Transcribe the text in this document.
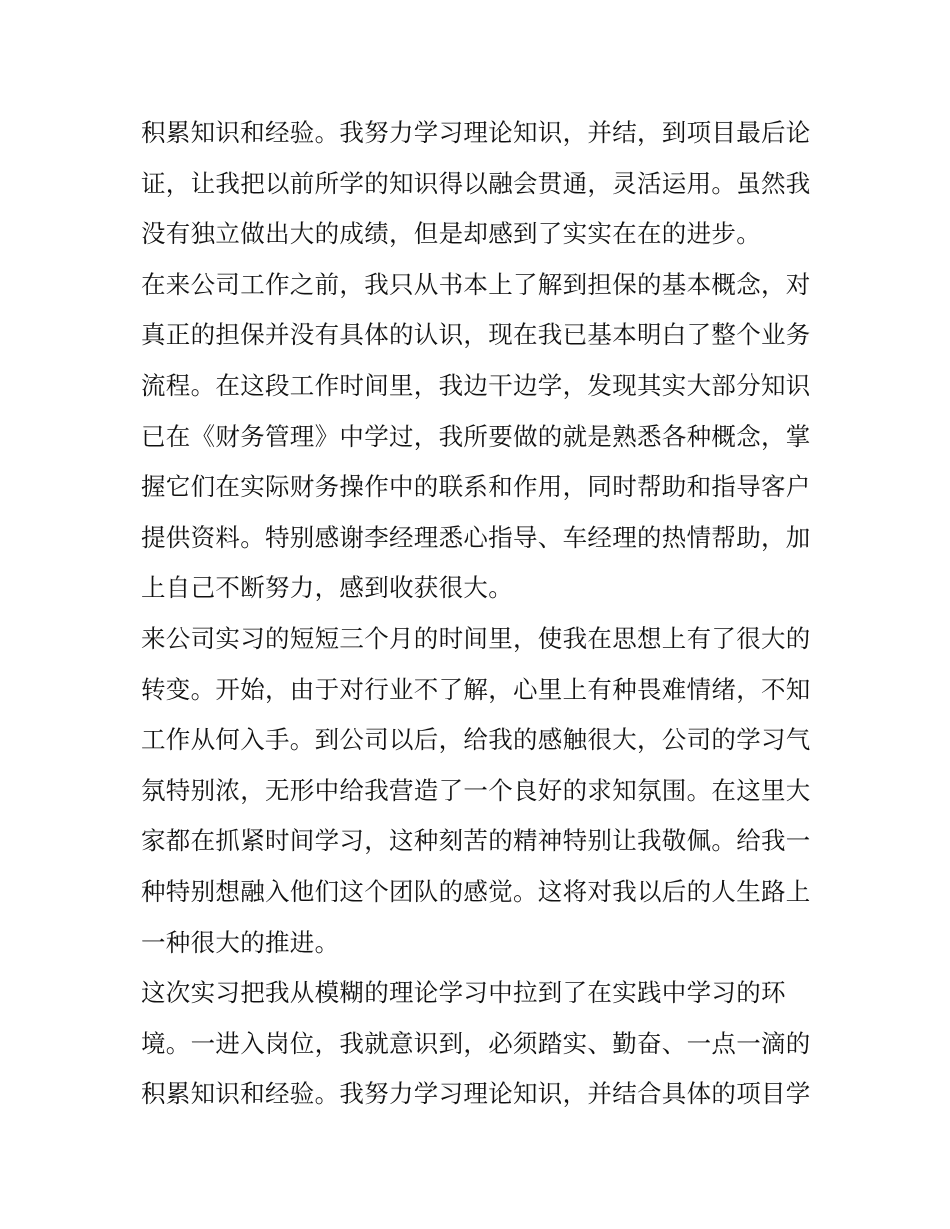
积累知识和经验。我努力学习理论知识，并结，到项目最后论
证，让我把以前所学的知识得以融会贯通，灵活运用。虽然我
没有独立做出大的成绩，但是却感到了实实在在的进步。
在来公司工作之前，我只从书本上了解到担保的基本概念，对
真正的担保并没有具体的认识，现在我已基本明白了整个业务
流程。在这段工作时间里，我边干边学，发现其实大部分知识
已在《财务管理》中学过，我所要做的就是熟悉各种概念，掌
握它们在实际财务操作中的联系和作用，同时帮助和指导客户
提供资料。特别感谢李经理悉心指导、车经理的热情帮助，加
上自己不断努力，感到收获很大。
来公司实习的短短三个月的时间里，使我在思想上有了很大的
转变。开始，由于对行业不了解，心里上有种畏难情绪，不知
工作从何入手。到公司以后，给我的感触很大，公司的学习气
氛特别浓，无形中给我营造了一个良好的求知氛围。在这里大
家都在抓紧时间学习，这种刻苦的精神特别让我敬佩。给我一
种特别想融入他们这个团队的感觉。这将对我以后的人生路上
一种很大的推进。
这次实习把我从模糊的理论学习中拉到了在实践中学习的环
境。一进入岗位，我就意识到，必须踏实、勤奋、一点一滴的
积累知识和经验。我努力学习理论知识，并结合具体的项目学
